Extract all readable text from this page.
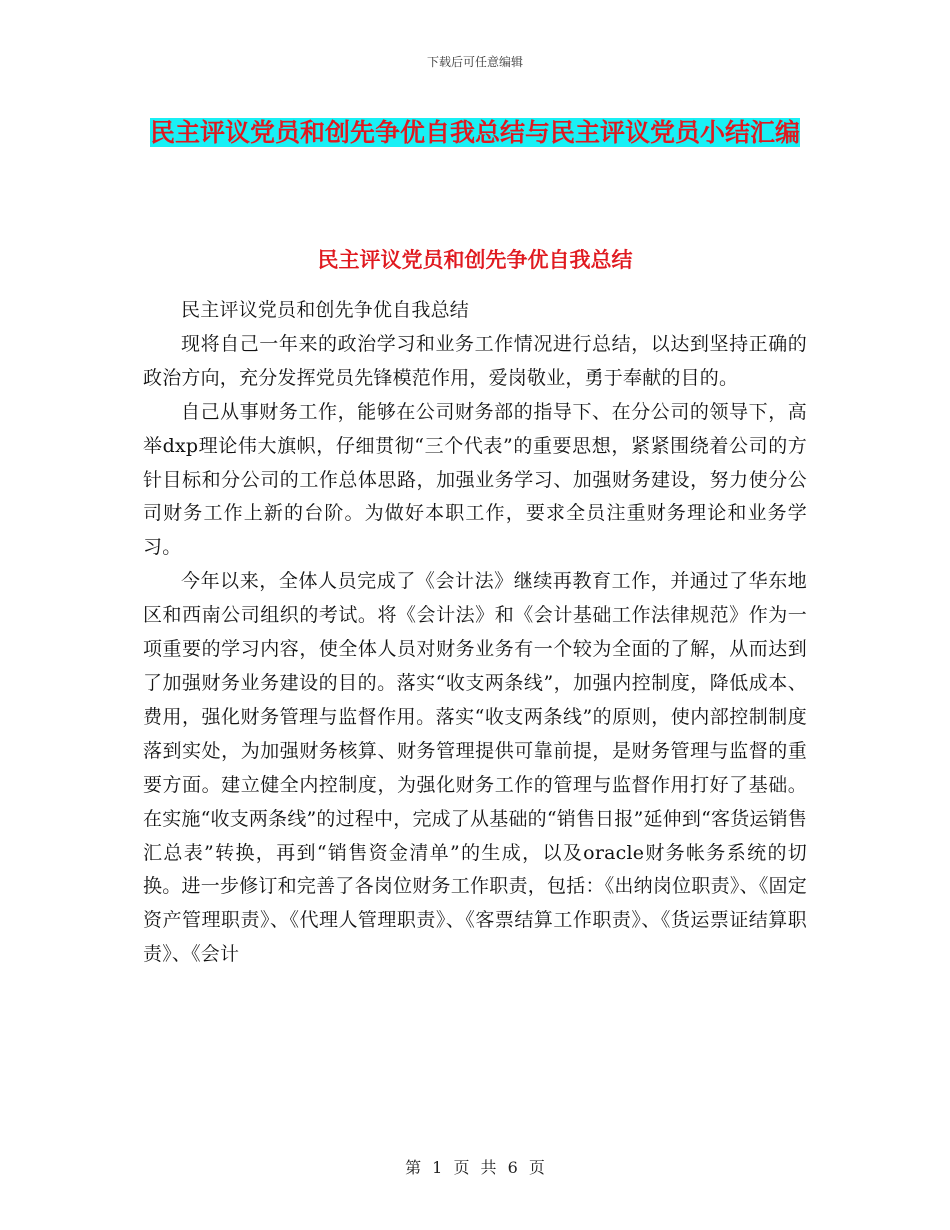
下载后可任意编辑
民主评议党员和创先争优自我总结与民主评议党员小结汇编
民主评议党员和创先争优自我总结

民主评议党员和创先争优自我总结

现将自己一年来的政治学习和业务工作情况进行总结，以达到坚持正确的政治方向，充分发挥党员先锋模范作用，爱岗敬业，勇于奉献的目的。

自己从事财务工作，能够在公司财务部的指导下、在分公司的领导下，高举dxp理论伟大旗帜，仔细贯彻“三个代表”的重要思想，紧紧围绕着公司的方针目标和分公司的工作总体思路，加强业务学习、加强财务建设，努力使分公司财务工作上新的台阶。为做好本职工作，要求全员注重财务理论和业务学习。

今年以来，全体人员完成了《会计法》继续再教育工作，并通过了华东地区和西南公司组织的考试。将《会计法》和《会计基础工作法律规范》作为一项重要的学习内容，使全体人员对财务业务有一个较为全面的了解，从而达到了加强财务业务建设的目的。落实“收支两条线”，加强内控制度，降低成本、费用，强化财务管理与监督作用。落实“收支两条线”的原则，使内部控制制度落到实处，为加强财务核算、财务管理提供可靠前提，是财务管理与监督的重要方面。建立健全内控制度，为强化财务工作的管理与监督作用打好了基础。在实施“收支两条线”的过程中，完成了从基础的“销售日报”延伸到“客货运销售汇总表”转换，再到“销售资金清单”的生成，以及oracle财务帐务系统的切换。进一步修订和完善了各岗位财务工作职责，包括：《出纳岗位职责》、《固定资产管理职责》、《代理人管理职责》、《客票结算工作职责》、《货运票证结算职责》、《会计

第 1 页 共 6 页
